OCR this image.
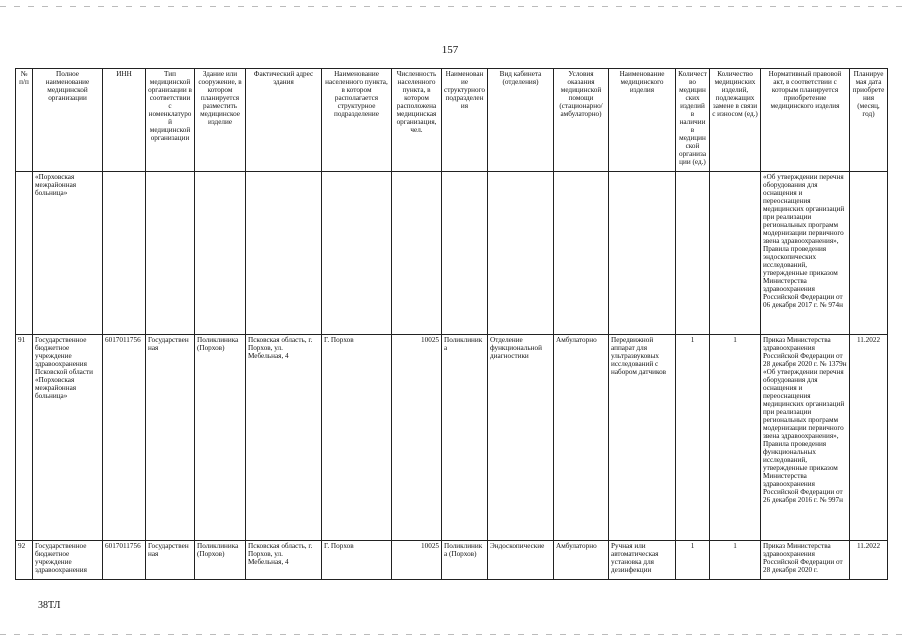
157
№ п/п	Полное наименование медицинской организации	ИНН	Тип медицинской организации в соответствии с номенклатурой медицинской организации	Здание или сооружение, в котором планируется разместить медицинское изделие	Фактический адрес здания	Наименование населенного пункта, в котором располагается структурное подразделение	Численность населенного пункта, в котором расположена медицинская организация, чел.	Наименование структурного подразделения	Вид кабинета (отделения)	Условия оказания медицинской помощи (стационарно/амбулаторно)	Наименование медицинского изделия	Количество медицинских изделий в наличии в медицинской организации (ед.)	Количество медицинских изделий, подлежащих замене в связи с износом (ед.)	Нормативный правовой акт, в соответствии с которым планируется приобретение медицинского изделия	Планируемая дата приобретения (месяц, год)
	«Порховская межрайонная больница»													«Об утверждении перечня оборудования для оснащения и переоснащения медицинских организаций при реализации региональных программ модернизации первичного звена здравоохранения», Правила проведения эндоскопических исследований, утвержденные приказом Министерства здравоохранения Российской Федерации от 06 декабря 2017 г. № 974н	
91	Государственное бюджетное учреждение здравоохранения Псковской области «Порховская межрайонная больница»	6017011756	Государственная	Поликлиника (Порхов)	Псковская область, г. Порхов, ул. Мебельная, 4	Г. Порхов	10025	Поликлиника	Отделение функциональной диагностики	Амбулаторно	Передвижной аппарат для ультразвуковых исследований с набором датчиков	1	1	Приказ Министерства здравоохранения Российской Федерации от 28 декабря 2020 г. № 1379н «Об утверждении перечня оборудования для оснащения и переоснащения медицинских организаций при реализации региональных программ модернизации первичного звена здравоохранения», Правила проведения функциональных исследований, утвержденные приказом Министерства здравоохранения Российской Федерации от 26 декабря 2016 г. № 997н	11.2022
92	Государственное бюджетное учреждение здравоохранения	6017011756	Государственная	Поликлиника (Порхов)	Псковская область, г. Порхов, ул. Мебельная, 4	Г. Порхов	10025	Поликлиника (Порхов)	Эндоскопические	Амбулаторно	Ручная или автоматическая установка для дезинфекции	1	1	Приказ Министерства здравоохранения Российской Федерации от 28 декабря 2020 г.	11.2022
38ТЛ
